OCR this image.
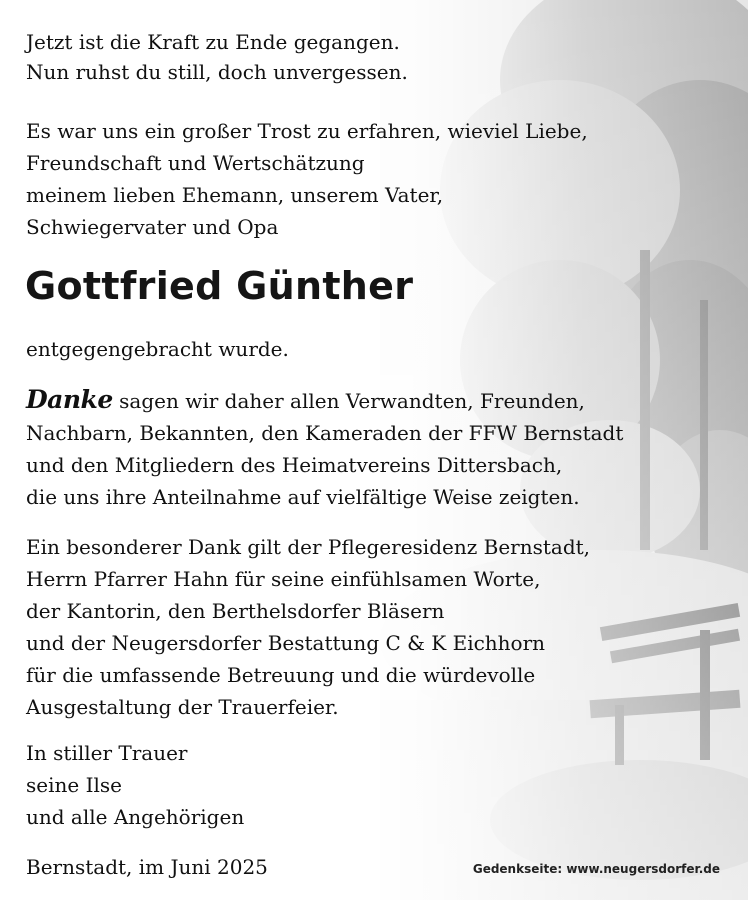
Jetzt ist die Kraft zu Ende gegangen.
Nun ruhst du still, doch unvergessen.
Es war uns ein großer Trost zu erfahren, wieviel Liebe,
Freundschaft und Wertschätzung
meinem lieben Ehemann, unserem Vater,
Schwiegervater und Opa
Gottfried Günther
entgegengebracht wurde.
Danke sagen wir daher allen Verwandten, Freunden,
Nachbarn, Bekannten, den Kameraden der FFW Bernstadt
und den Mitgliedern des Heimatvereins Dittersbach,
die uns ihre Anteilnahme auf vielfältige Weise zeigten.
Ein besonderer Dank gilt der Pflegeresidenz Bernstadt,
Herrn Pfarrer Hahn für seine einfühlsamen Worte,
der Kantorin, den Berthelsdorfer Bläsern
und der Neugersdorfer Bestattung C & K Eichhorn
für die umfassende Betreuung und die würdevolle
Ausgestaltung der Trauerfeier.
In stiller Trauer
seine Ilse
und alle Angehörigen
Bernstadt, im Juni 2025	Gedenkseite: www.neugersdorfer.de
